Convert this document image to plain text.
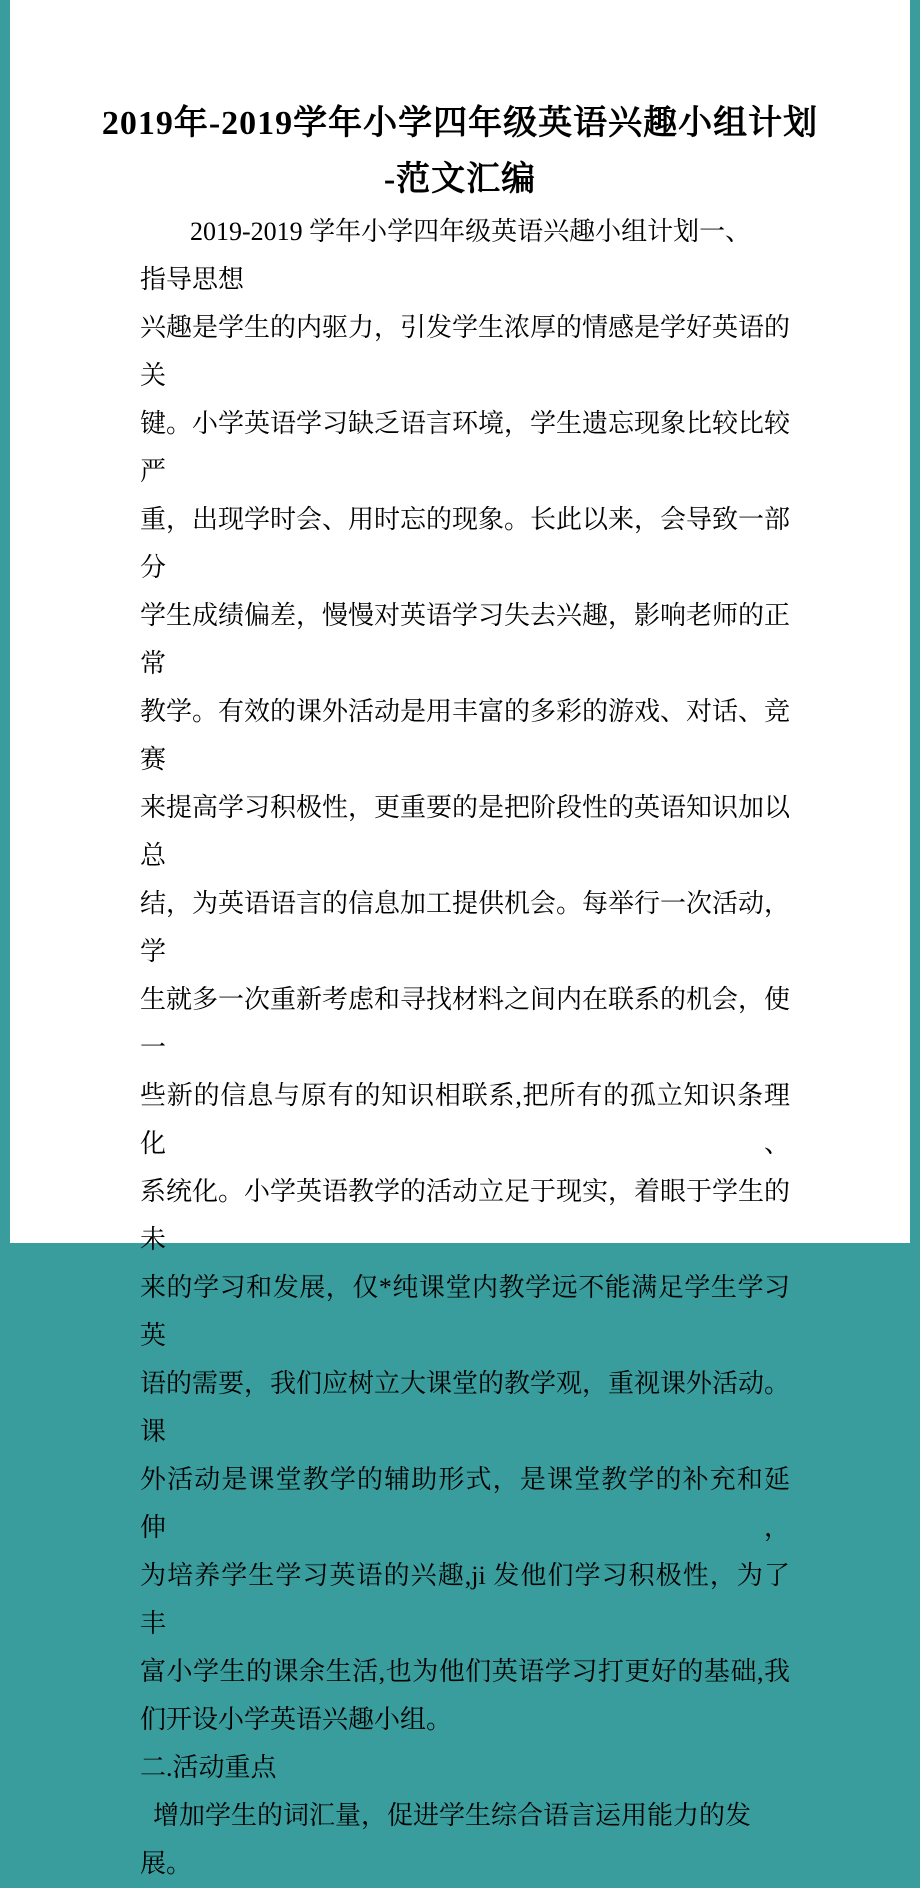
2019年-2019学年小学四年级英语兴趣小组计划
-范文汇编
2019-2019 学年小学四年级英语兴趣小组计划一、
指导思想
兴趣是学生的内驱力，引发学生浓厚的情感是学好英语的关
键。小学英语学习缺乏语言环境，学生遗忘现象比较比较严
重，出现学时会、用时忘的现象。长此以来，会导致一部分
学生成绩偏差，慢慢对英语学习失去兴趣，影响老师的正常
教学。有效的课外活动是用丰富的多彩的游戏、对话、竞赛
来提高学习积极性，更重要的是把阶段性的英语知识加以总
结，为英语语言的信息加工提供机会。每举行一次活动，学
生就多一次重新考虑和寻找材料之间内在联系的机会，使一
些新的信息与原有的知识相联系,把所有的孤立知识条理化、
系统化。小学英语教学的活动立足于现实，着眼于学生的未
来的学习和发展，仅*纯课堂内教学远不能满足学生学习英
语的需要，我们应树立大课堂的教学观，重视课外活动。课
外活动是课堂教学的辅助形式，是课堂教学的补充和延伸，
为培养学生学习英语的兴趣,ji 发他们学习积极性，为了丰
富小学生的课余生活,也为他们英语学习打更好的基础,我
们开设小学英语兴趣小组。
二.活动重点
增加学生的词汇量，促进学生综合语言运用能力的发展。
